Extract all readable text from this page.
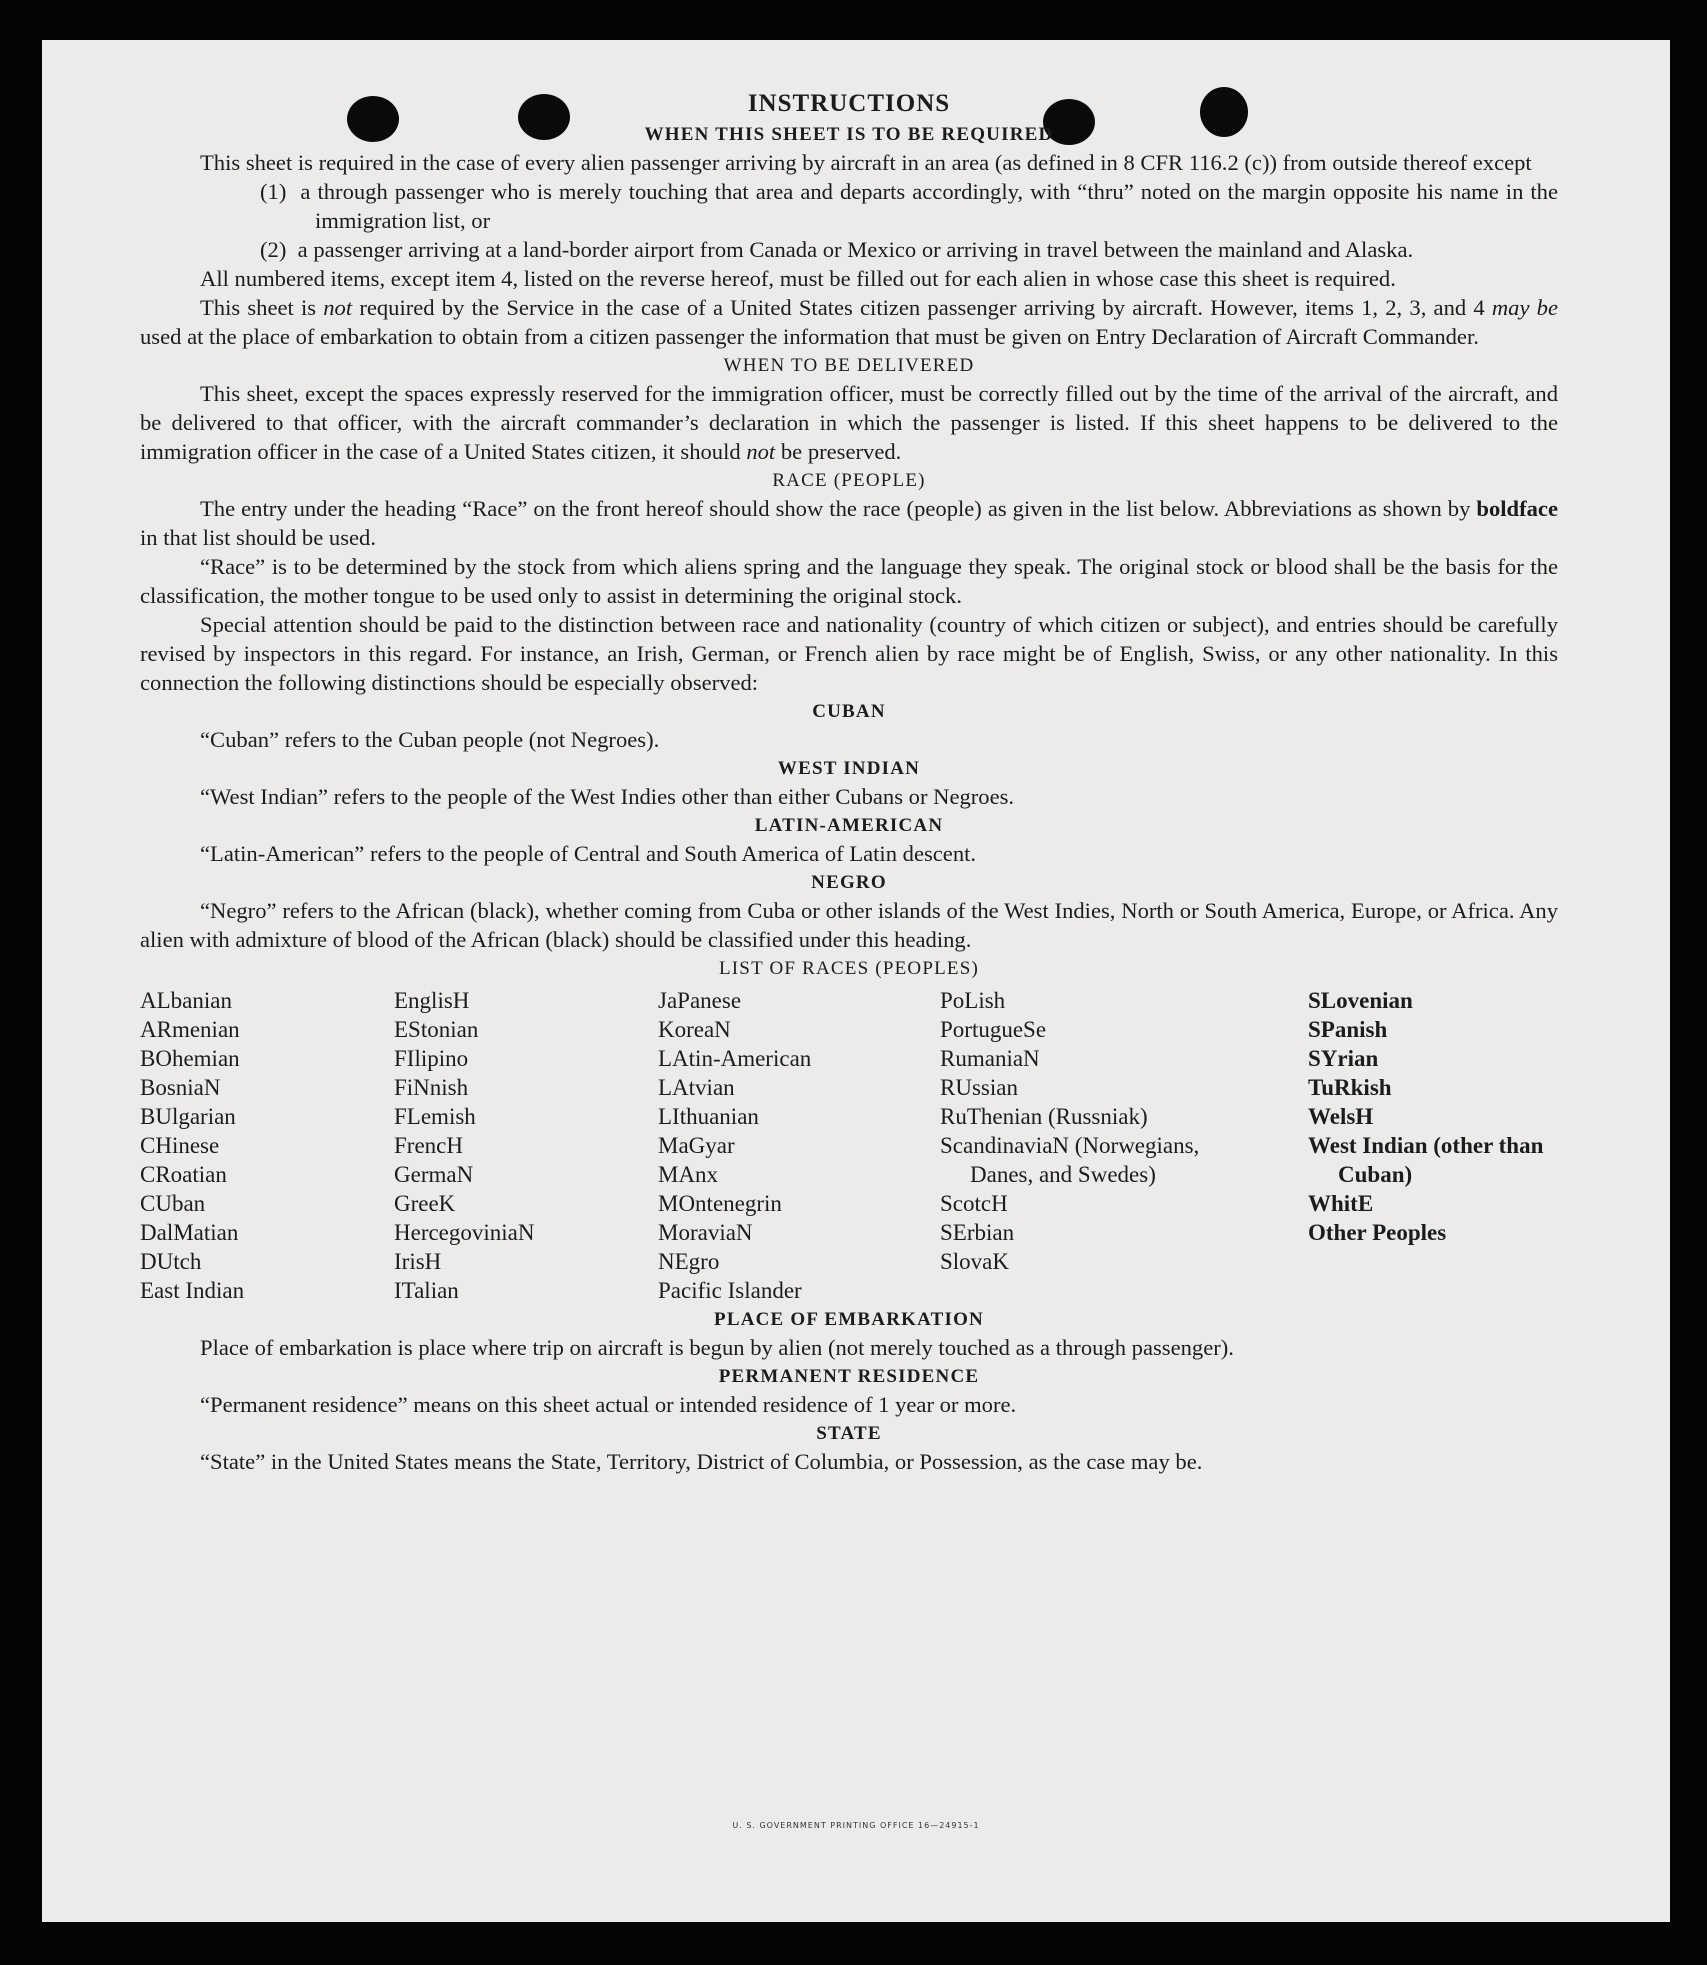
INSTRUCTIONS
WHEN THIS SHEET IS TO BE REQUIRED

This sheet is required in the case of every alien passenger arriving by aircraft in an area (as defined in 8 CFR 116.2 (c)) from outside thereof except

(1) a through passenger who is merely touching that area and departs accordingly, with “thru” noted on the margin opposite his name in the immigration list, or
(2) a passenger arriving at a land-border airport from Canada or Mexico or arriving in travel between the mainland and Alaska.

All numbered items, except item 4, listed on the reverse hereof, must be filled out for each alien in whose case this sheet is required.

This sheet is not required by the Service in the case of a United States citizen passenger arriving by aircraft. However, items 1, 2, 3, and 4 may be used at the place of embarkation to obtain from a citizen passenger the information that must be given on Entry Declaration of Aircraft Commander.

WHEN TO BE DELIVERED

This sheet, except the spaces expressly reserved for the immigration officer, must be correctly filled out by the time of the arrival of the aircraft, and be delivered to that officer, with the aircraft commander’s declaration in which the passenger is listed. If this sheet happens to be delivered to the immigration officer in the case of a United States citizen, it should not be preserved.

RACE (PEOPLE)

The entry under the heading “Race” on the front hereof should show the race (people) as given in the list below. Abbreviations as shown by boldface in that list should be used.

“Race” is to be determined by the stock from which aliens spring and the language they speak. The original stock or blood shall be the basis for the classification, the mother tongue to be used only to assist in determining the original stock.

Special attention should be paid to the distinction between race and nationality (country of which citizen or subject), and entries should be carefully revised by inspectors in this regard. For instance, an Irish, German, or French alien by race might be of English, Swiss, or any other nationality. In this connection the following distinctions should be especially observed:

CUBAN
“Cuban” refers to the Cuban people (not Negroes).
WEST INDIAN
“West Indian” refers to the people of the West Indies other than either Cubans or Negroes.
LATIN-AMERICAN
“Latin-American” refers to the people of Central and South America of Latin descent.
NEGRO

“Negro” refers to the African (black), whether coming from Cuba or other islands of the West Indies, North or South America, Europe, or Africa. Any alien with admixture of blood of the African (black) should be classified under this heading.

LIST OF RACES (PEOPLES)
ALbanian
ARmenian
BOhemian
BosniaN
BUlgarian
CHinese
CRoatian
CUban
DalMatian
DUtch
East Indian
EnglisH
EStonian
FIlipino
FiNnish
FLemish
FrencH
GermaN
GreeK
HercegoviniaN
IrisH
ITalian
JaPanese
KoreaN
LAtin-American
LAtvian
LIthuanian
MaGyar
MAnx
MOntenegrin
MoraviaN
NEgro
Pacific Islander
PoLish
PortugueSe
RumaniaN
RUssian
RuThenian (Russniak)
ScandinaviaN (Norwegians, Danes, and Swedes)
ScotcH
SErbian
SlovaK
SLovenian
SPanish
SYrian
TuRkish
WelsH
West Indian (other than Cuban)
WhitE
Other Peoples
PLACE OF EMBARKATION

Place of embarkation is place where trip on aircraft is begun by alien (not merely touched as a through passenger).

PERMANENT RESIDENCE
“Permanent residence” means on this sheet actual or intended residence of 1 year or more.
STATE

“State” in the United States means the State, Territory, District of Columbia, or Possession, as the case may be.

U. S. GOVERNMENT PRINTING OFFICE 16—24915-1
